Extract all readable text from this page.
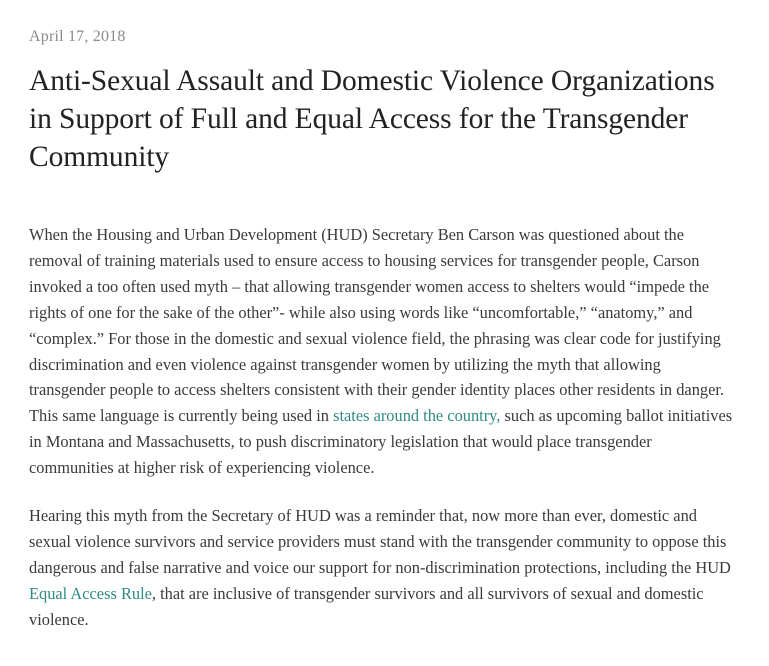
April 17, 2018

Anti-Sexual Assault and Domestic Violence Organizations in Support of Full and Equal Access for the Transgender Community

When the Housing and Urban Development (HUD) Secretary Ben Carson was questioned about the removal of training materials used to ensure access to housing services for transgender people, Carson invoked a too often used myth – that allowing transgender women access to shelters would “impede the rights of one for the sake of the other”- while also using words like “uncomfortable,” “anatomy,” and “complex.” For those in the domestic and sexual violence field, the phrasing was clear code for justifying discrimination and even violence against transgender women by utilizing the myth that allowing transgender people to access shelters consistent with their gender identity places other residents in danger. This same language is currently being used in states around the country, such as upcoming ballot initiatives in Montana and Massachusetts, to push discriminatory legislation that would place transgender communities at higher risk of experiencing violence.

Hearing this myth from the Secretary of HUD was a reminder that, now more than ever, domestic and sexual violence survivors and service providers must stand with the transgender community to oppose this dangerous and false narrative and voice our support for non-discrimination protections, including the HUD Equal Access Rule, that are inclusive of transgender survivors and all survivors of sexual and domestic violence.
